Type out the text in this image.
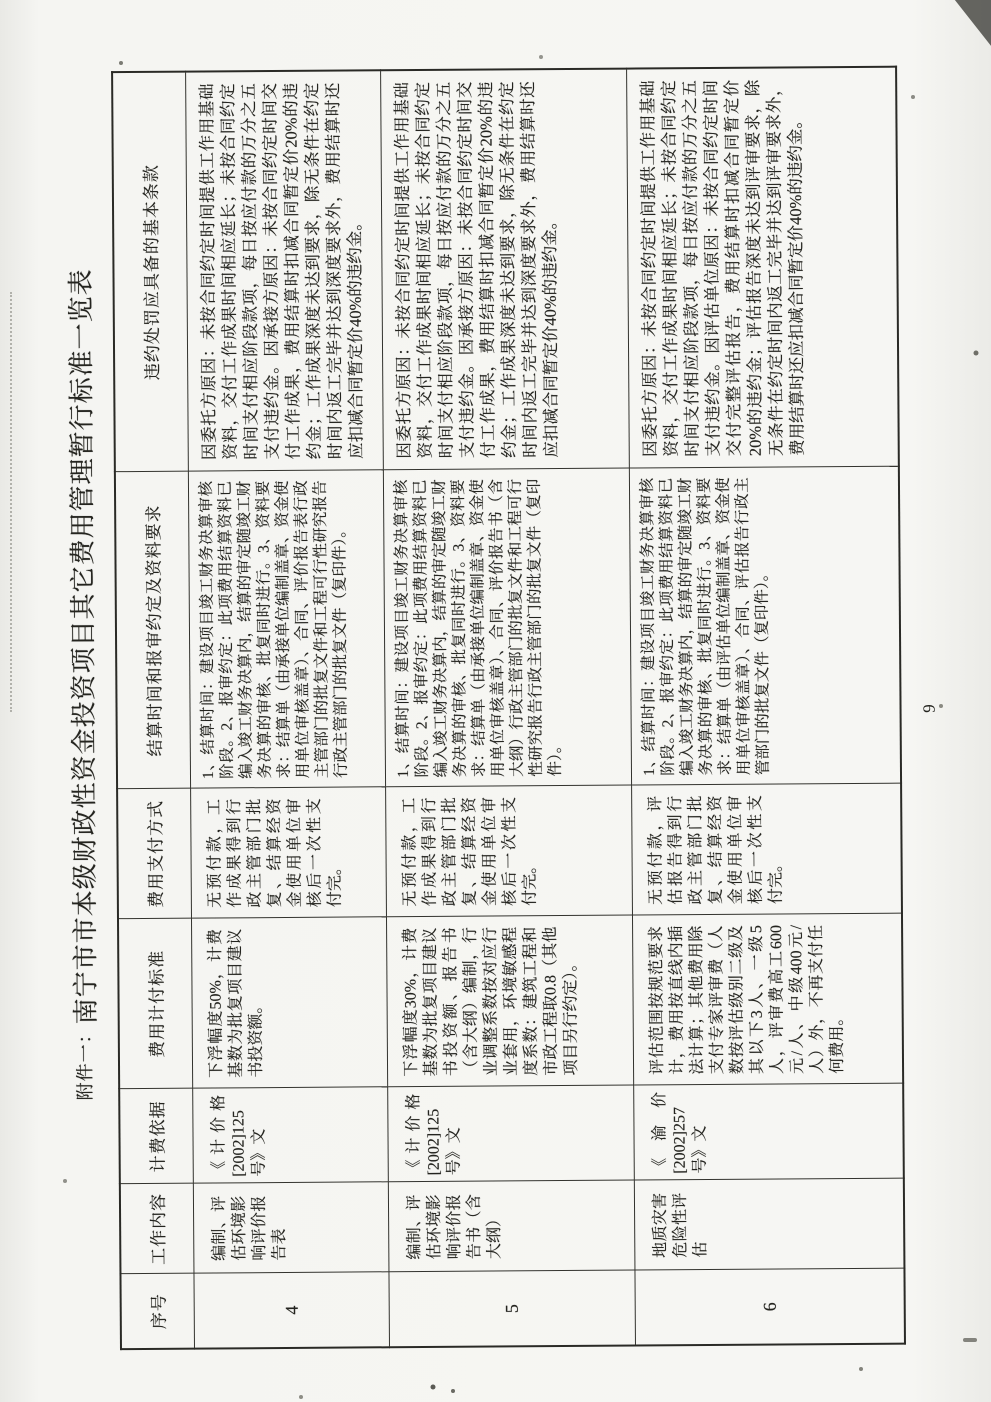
附件一：
南宁市市本级财政性资金投资项目其它费用管理暂行标准一览表
序号	工作内容	计费依据	费用计付标准	费用支付方式	结算时间和报审约定及资料要求	违约处罚应具备的基本条款
4	编制、评估环境影响评价报告表	《计价格[2002]125号》文	下浮幅度50%，计费基数为批复项目建议书投资额。	无预付款，工作成果得到行政主管部门批复、结算经资金使用单位审核后一次性支付完。	1、结算时间：建设项目竣工财务决算审核阶段。2、报审约定：此项费用结算资料已编入竣工财务决算内，结算的审定随竣工财务决算的审核、批复同时进行。3、资料要求：结算单（由承接单位编制盖章、资金使用单位审核盖章）、合同、评价报告表行政主管部门的批复文件和工程可行性研究报告行政主管部门的批复文件（复印件）。	因委托方原因：未按合同约定时间提供工作用基础资料，交付工作成果时间相应延长；未按合同约定时间支付相应阶段款项，每日按应付款的万分之五支付违约金。因承接方原因：未按合同约定时间交付工作成果，费用结算时扣减合同暂定价20%的违约金；工作成果深度未达到要求，除无条件在约定时间内返工完毕并达到深度要求外，费用结算时还应扣减合同暂定价40%的违约金。
5	编制、评估环境影响评价报告书（含大纲）	《计价格[2002]125号》文	下浮幅度30%，计费基数为批复项目建议书投资额、报告书（含大纲）编制，行业调整系数按对应行业套用，环境敏感程度系数：建筑工程和市政工程取0.8（其他项目另行约定）。	无预付款，工作成果得到行政主管部门批复、结算经资金使用单位审核后一次性支付完。	1、结算时间：建设项目竣工财务决算审核阶段。2、报审约定：此项费用结算资料已编入竣工财务决算内，结算的审定随竣工财务决算的审核、批复同时进行。3、资料要求：结算单（由承接单位编制盖章、资金使用单位审核盖章）、合同、评价报告书（含大纲）行政主管部门的批复文件和工程可行性研究报告行政主管部门的批复文件（复印件）。	因委托方原因：未按合同约定时间提供工作用基础资料，交付工作成果时间相应延长；未按合同约定时间支付相应阶段款项，每日按应付款的万分之五支付违约金。因承接方原因：未按合同约定时间交付工作成果，费用结算时扣减合同暂定价20%的违约金；工作成果深度未达到要求，除无条件在约定时间内返工完毕并达到深度要求外，费用结算时还应扣减合同暂定价40%的违约金。
6	地质灾害危险性评估	《渝价[2002]257号》文	评估范围按规范要求计，费用按直线内插法计算；其他费用除支付专家评审费（人数按评估级别二级及其以下3人、一级5人，评审费高工600元/人、中级400元/人）外，不再支付任何费用。	无预付款，评估报告得到行政主管部门批复、结算经资金使用单位审核后一次性支付完。	1、结算时间：建设项目竣工财务决算审核阶段。2、报审约定：此项费用结算资料已编入竣工财务决算内，结算的审定随竣工财务决算的审核、批复同时进行。3、资料要求：结算单（由评估单位编制盖章、资金使用单位审核盖章）、合同、评估报告行政主管部门的批复文件（复印件）。	因委托方原因：未按合同约定时间提供工作用基础资料，交付工作成果时间相应延长；未按合同约定时间支付相应阶段款项，每日按应付款的万分之五支付违约金。因评估单位原因：未按合同约定时间交付完整评估报告，费用结算时扣减合同暂定价20%的违约金；评估报告深度未达到评审要求，除无条件在约定时间内返工完毕并达到评审要求外，费用结算时还应扣减合同暂定价40%的违约金。
9
